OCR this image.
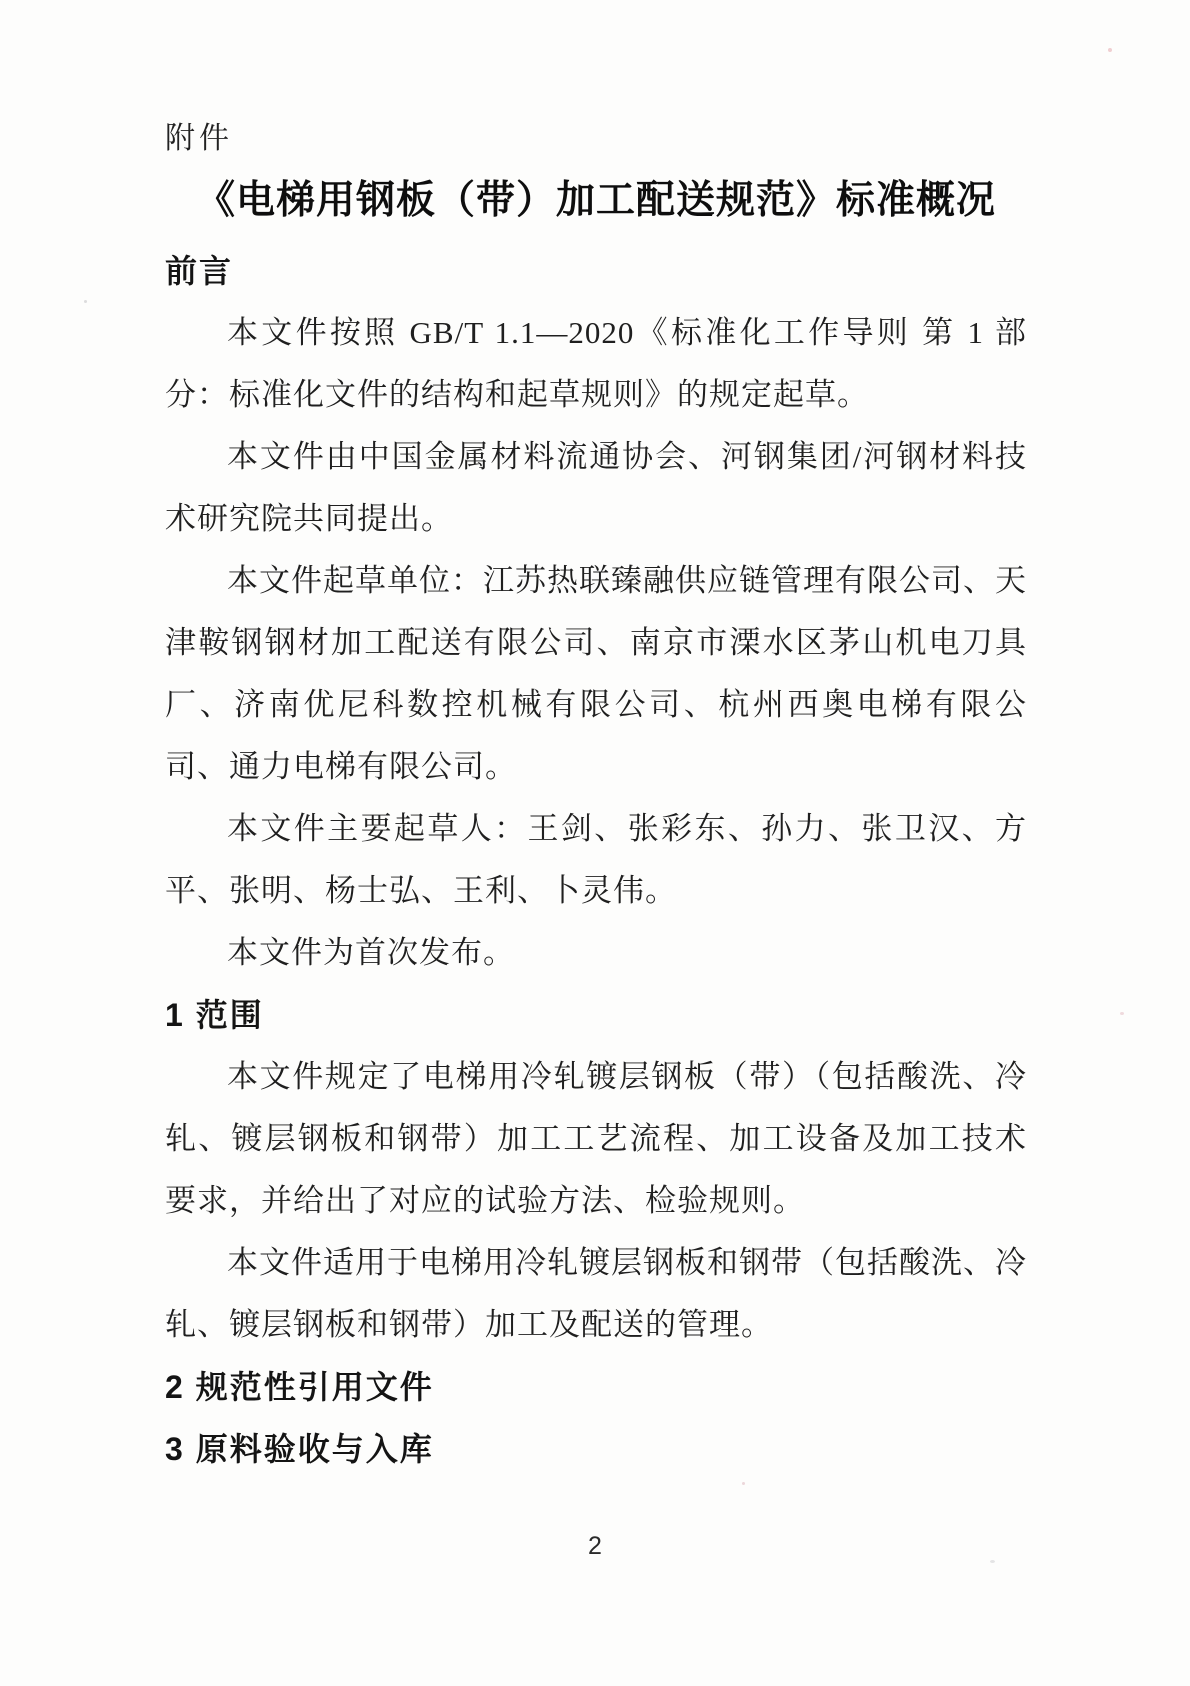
附件

《电梯用钢板（带）加工配送规范》标准概况
前言

本文件按照 GB/T 1.1—2020《标准化工作导则 第 1 部分：标准化文件的结构和起草规则》的规定起草。

本文件由中国金属材料流通协会、河钢集团/河钢材料技术研究院共同提出。

本文件起草单位：江苏热联臻融供应链管理有限公司、天津鞍钢钢材加工配送有限公司、南京市溧水区茅山机电刀具厂、济南优尼科数控机械有限公司、杭州西奥电梯有限公司、通力电梯有限公司。

本文件主要起草人：王剑、张彩东、孙力、张卫汉、方平、张明、杨士弘、王利、卜灵伟。

本文件为首次发布。

1 范围

本文件规定了电梯用冷轧镀层钢板（带）（包括酸洗、冷轧、镀层钢板和钢带）加工工艺流程、加工设备及加工技术要求，并给出了对应的试验方法、检验规则。

本文件适用于电梯用冷轧镀层钢板和钢带（包括酸洗、冷轧、镀层钢板和钢带）加工及配送的管理。

2 规范性引用文件
3 原料验收与入库
2
